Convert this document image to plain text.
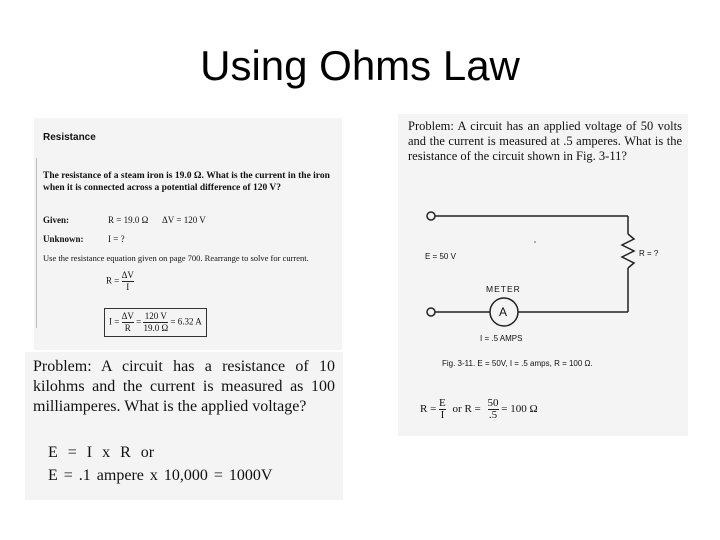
Using Ohms Law
Resistance
The resistance of a steam iron is 19.0 Ω. What is the current in the iron when it is connected across a potential difference of 120 V?
Given:	R = 19.0 Ω ΔV = 120 V
Unknown:	I = ?
Use the resistance equation given on page 700. Rearrange to solve for current.
$R = \frac{\Delta V}{I}$
$I = \frac{\Delta V}{R} = \frac{120 V}{19.0 \Omega} = 6.32$ A
Problem: A circuit has a resistance of 10 kilohms and the current is measured as 100 milliamperes. What is the applied voltage?
E = I x R or
E = .1 ampere x 10,000 = 1000V
Problem: A circuit has an applied voltage of 50 volts and the current is measured at .5 amperes. What is the resistance of the circuit shown in Fig. 3-11?
E = 50 V	R = ?
METER
A
I = .5 AMPS
Fig. 3-11. E = 50V, I = .5 amps, R = 100 Ω.
$R = \frac{E}{I}$ or $R = \frac{50}{.5} = 100$ Ω
